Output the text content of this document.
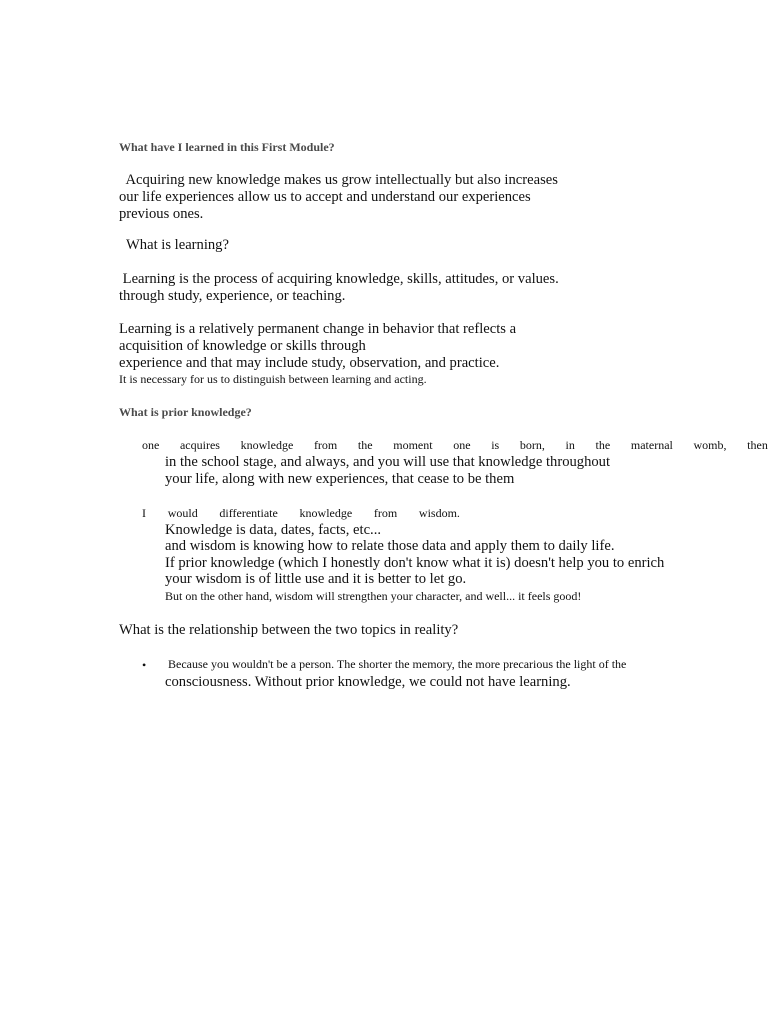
What have I learned in this First Module?

Acquiring new knowledge makes us grow intellectually but also increases

our life experiences allow us to accept and understand our experiences

previous ones.

What is learning?

Learning is the process of acquiring knowledge, skills, attitudes, or values.

through study, experience, or teaching.

Learning is a relatively permanent change in behavior that reflects a

acquisition of knowledge or skills through

experience and that may include study, observation, and practice.

It is necessary for us to distinguish between learning and acting.

What is prior knowledge?

one acquires knowledge from the moment one is born, in the maternal womb, then

in the school stage, and always, and you will use that knowledge throughout

your life, along with new experiences, that cease to be them

I would differentiate knowledge from wisdom.

Knowledge is data, dates, facts, etc...

and wisdom is knowing how to relate those data and apply them to daily life.

If prior knowledge (which I honestly don't know what it is) doesn't help you to enrich

your wisdom is of little use and it is better to let go.

But on the other hand, wisdom will strengthen your character, and well... it feels good!

What is the relationship between the two topics in reality?

• Because you wouldn't be a person. The shorter the memory, the more precarious the light of the

consciousness. Without prior knowledge, we could not have learning.
